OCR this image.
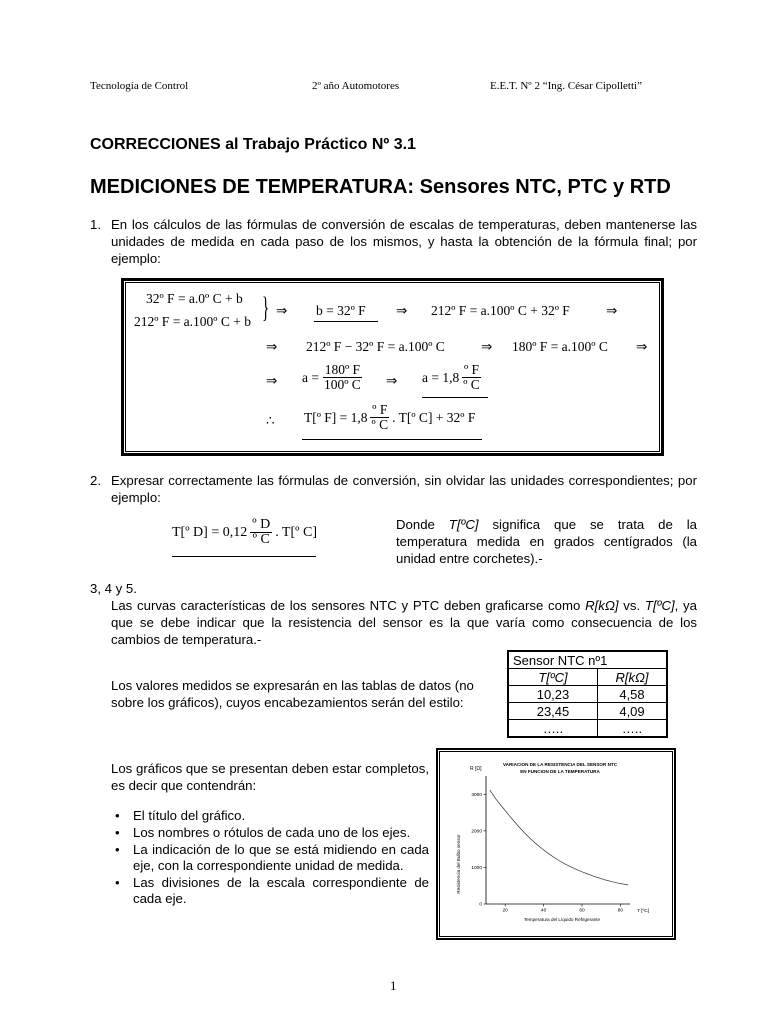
Tecnología de Control	2º año Automotores	E.E.T. Nº 2 “Ing. César Cipolletti”
CORRECCIONES al Trabajo Práctico Nº 3.1
MEDICIONES DE TEMPERATURA: Sensores NTC, PTC y RTD
1. En los cálculos de las fórmulas de conversión de escalas de temperaturas, deben mantenerse las unidades de medida en cada paso de los mismos, y hasta la obtención de la fórmula final; por ejemplo:
32º F = a.0º C + b
212º F = a.100º C + b } ⇒ b = 32º F ⇒ 212º F = a.100º C + 32º F	⇒
⇒ 212º F − 32º F = a.100º C	⇒ 180º F = a.100º C ⇒
⇒ $a = \frac{\text{180º F}}{\text{100º C}}$ ⇒ $a = 1,8 \frac{\text{º F}}{\text{º C}}$
∴ T[º $F] = 1,8 \frac{\text{º F}}{\text{º C}}$ . T[º C] + 32º F
2. Expresar correctamente las fórmulas de conversión, sin olvidar las unidades correspondientes; por ejemplo:
T[º $D] = 0,12 \frac{\text{º D}}{\text{º C}}$ . T[º C]	Donde T[ºC] significa que se trata de la temperatura medida en grados centígrados (la unidad entre corchetes).-
3, 4 y 5.
Las curvas características de los sensores NTC y PTC deben graficarse como R[kΩ] vs. T[ºC], ya que se debe indicar que la resistencia del sensor es la que varía como consecuencia de los cambios de temperatura.-
Los valores medidos se expresarán en las tablas de datos (no sobre los gráficos), cuyos encabezamientos serán del estilo:
Sensor NTC nº1	
T[ºC]	R[kΩ]
10,23	4,58
23,45	4,09
…..	…..
Los gráficos que se presentan deben estar completos, es decir que contendrán:
• El título del gráfico.
• Los nombres o rótulos de cada uno de los ejes.
• La indicación de lo que se está midiendo en cada eje, con la correspondiente unidad de medida.
• Las divisiones de la escala correspondiente de cada eje.
R [Ω]
VARIACION DE LA RESISTENCIA DEL SENSOR NTC
EN FUNCION DE LA TEMPERATURA
Resistencia del Bulbo sensor
Temperatura del Líquido Refrigerante
T [ºC]
20	40	60	80
0
1000
2000
3000
1
